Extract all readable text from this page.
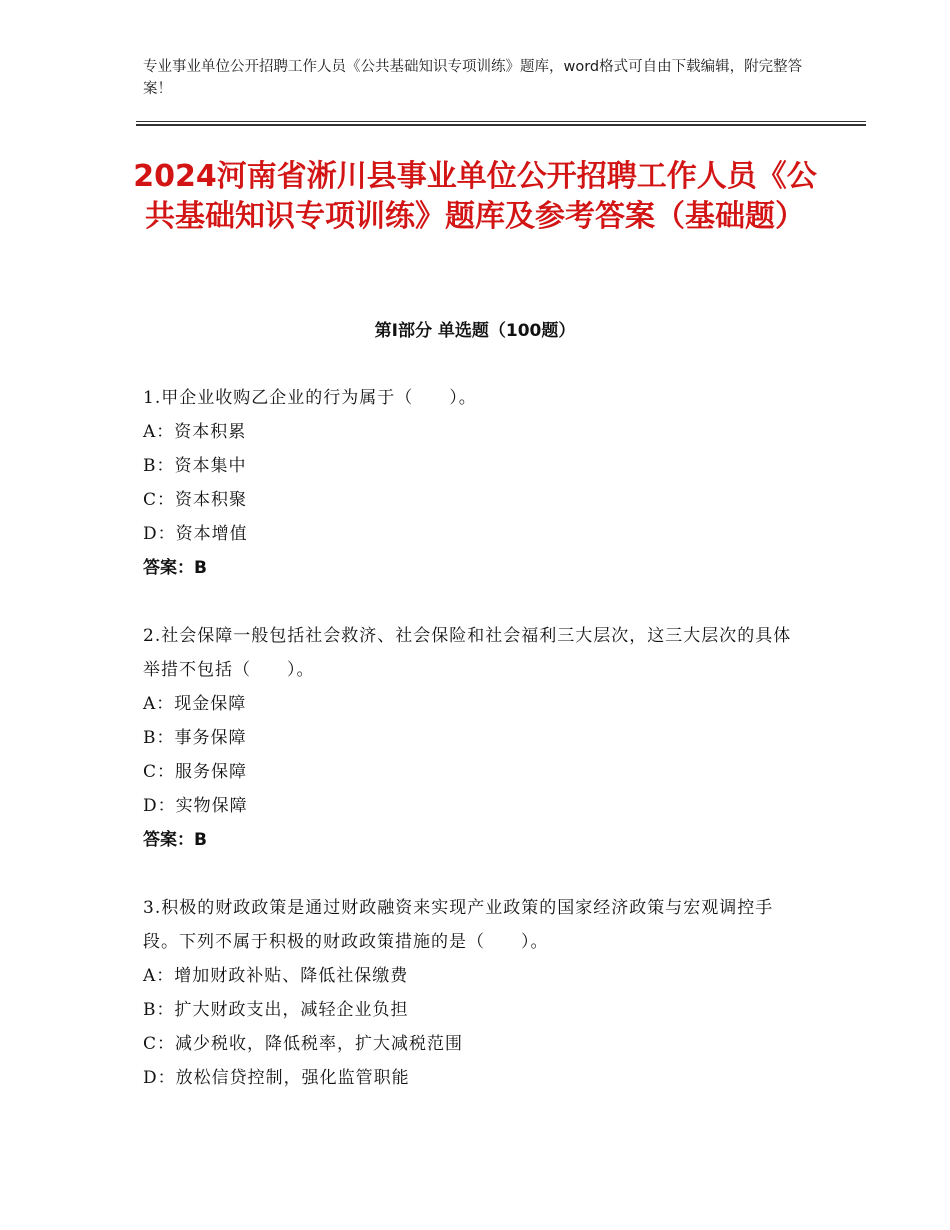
专业事业单位公开招聘工作人员《公共基础知识专项训练》题库，word格式可自由下载编辑，附完整答案！
2024河南省淅川县事业单位公开招聘工作人员《公共基础知识专项训练》题库及参考答案（基础题）
第Ⅰ部分 单选题（100题）
1.甲企业收购乙企业的行为属于（　　）。
A：资本积累
B：资本集中
C：资本积聚
D：资本增值
答案：B
2.社会保障一般包括社会救济、社会保险和社会福利三大层次，这三大层次的具体举措不包括（　　）。
A：现金保障
B：事务保障
C：服务保障
D：实物保障
答案：B
3.积极的财政政策是通过财政融资来实现产业政策的国家经济政策与宏观调控手段。下列不属于积极的财政政策措施的是（　　）。
A：增加财政补贴、降低社保缴费
B：扩大财政支出，减轻企业负担
C：减少税收，降低税率，扩大减税范围
D：放松信贷控制，强化监管职能
